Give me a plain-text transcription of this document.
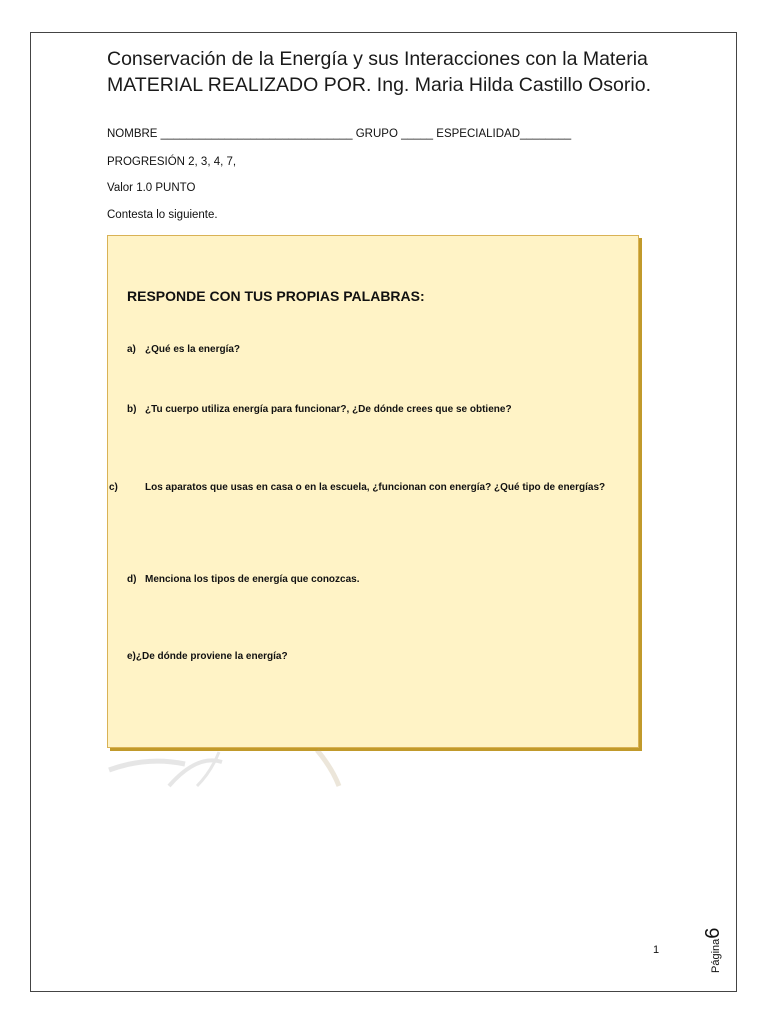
Conservación de la Energía y sus Interacciones con la Materia
MATERIAL REALIZADO POR. Ing. Maria Hilda Castillo Osorio.
NOMBRE ______________________________ GRUPO _____ ESPECIALIDAD________
PROGRESIÓN 2, 3, 4, 7,
Valor 1.0 PUNTO
Contesta lo siguiente.
RESPONDE CON TUS PROPIAS PALABRAS:
a) ¿Qué es la energía?
b) ¿Tu cuerpo utiliza energía para funcionar?, ¿De dónde crees que se obtiene?
c)	Los aparatos que usas en casa o en la escuela, ¿funcionan con energía? ¿Qué tipo de energías?
d) Menciona los tipos de energía que conozcas.
e)¿De dónde proviene la energía?
Página6
1
